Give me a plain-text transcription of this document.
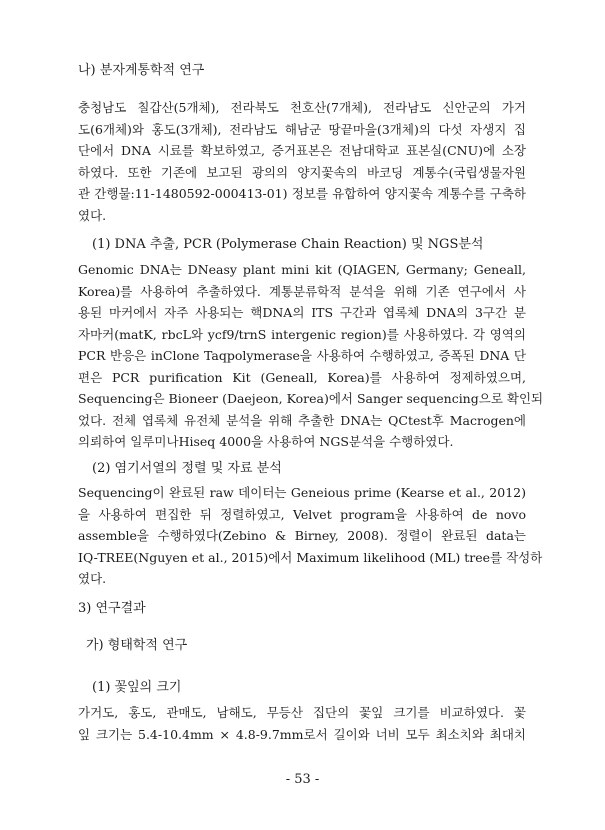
나) 분자계통학적 연구
충청남도 칠갑산(5개체), 전라북도 천호산(7개체), 전라남도 신안군의 가거
도(6개체)와 홍도(3개체), 전라남도 해남군 땅끝마을(3개체)의 다섯 자생지 집
단에서 DNA 시료를 확보하였고, 증거표본은 전남대학교 표본실(CNU)에 소장
하였다. 또한 기존에 보고된 광의의 양지꽃속의 바코딩 계통수(국립생물자원
관 간행물:11-1480592-000413-01) 정보를 유합하여 양지꽃속 계통수를 구축하
였다.
(1) DNA 추출, PCR (Polymerase Chain Reaction) 및 NGS분석
Genomic DNA는 DNeasy plant mini kit (QIAGEN, Germany; Geneall,
Korea)를 사용하여 추출하였다. 계통분류학적 분석을 위해 기존 연구에서 사
용된 마커에서 자주 사용되는 핵DNA의 ITS 구간과 엽록체 DNA의 3구간 분
자마커(matK, rbcL와 ycf9/trnS intergenic region)를 사용하였다. 각 영역의
PCR 반응은 inClone Taqpolymerase을 사용하여 수행하였고, 증폭된 DNA 단
편은 PCR purification Kit (Geneall, Korea)를 사용하여 정제하였으며,
Sequencing은 Bioneer (Daejeon, Korea)에서 Sanger sequencing으로 확인되
었다. 전체 엽록체 유전체 분석을 위해 추출한 DNA는 QCtest후 Macrogen에
의뢰하여 일루미나Hiseq 4000을 사용하여 NGS분석을 수행하였다.
(2) 염기서열의 정렬 및 자료 분석
Sequencing이 완료된 raw 데이터는 Geneious prime (Kearse et al., 2012)
을 사용하여 편집한 뒤 정렬하였고, Velvet program을 사용하여 de novo
assemble을 수행하였다(Zebino & Birney, 2008). 정렬이 완료된 data는
IQ-TREE(Nguyen et al., 2015)에서 Maximum likelihood (ML) tree를 작성하
였다.
3) 연구결과
가) 형태학적 연구
(1) 꽃잎의 크기
가거도, 홍도, 관매도, 남해도, 무등산 집단의 꽃잎 크기를 비교하였다. 꽃
잎 크기는 5.4-10.4mm × 4.8-9.7mm로서 길이와 너비 모두 최소치와 최대치
- 53 -
